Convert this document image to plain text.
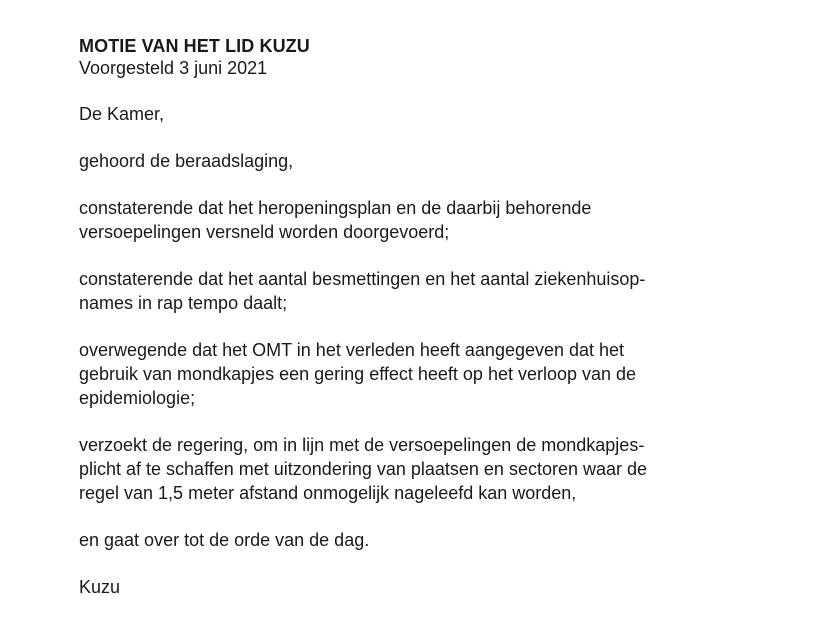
MOTIE VAN HET LID KUZU

Voorgesteld 3 juni 2021

De Kamer,

gehoord de beraadslaging,

constaterende dat het heropeningsplan en de daarbij behorende
versoepelingen versneld worden doorgevoerd;

constaterende dat het aantal besmettingen en het aantal ziekenhuisop-
names in rap tempo daalt;

overwegende dat het OMT in het verleden heeft aangegeven dat het
gebruik van mondkapjes een gering effect heeft op het verloop van de
epidemiologie;

verzoekt de regering, om in lijn met de versoepelingen de mondkapjes-
plicht af te schaffen met uitzondering van plaatsen en sectoren waar de
regel van 1,5 meter afstand onmogelijk nageleefd kan worden,

en gaat over tot de orde van de dag.

Kuzu
